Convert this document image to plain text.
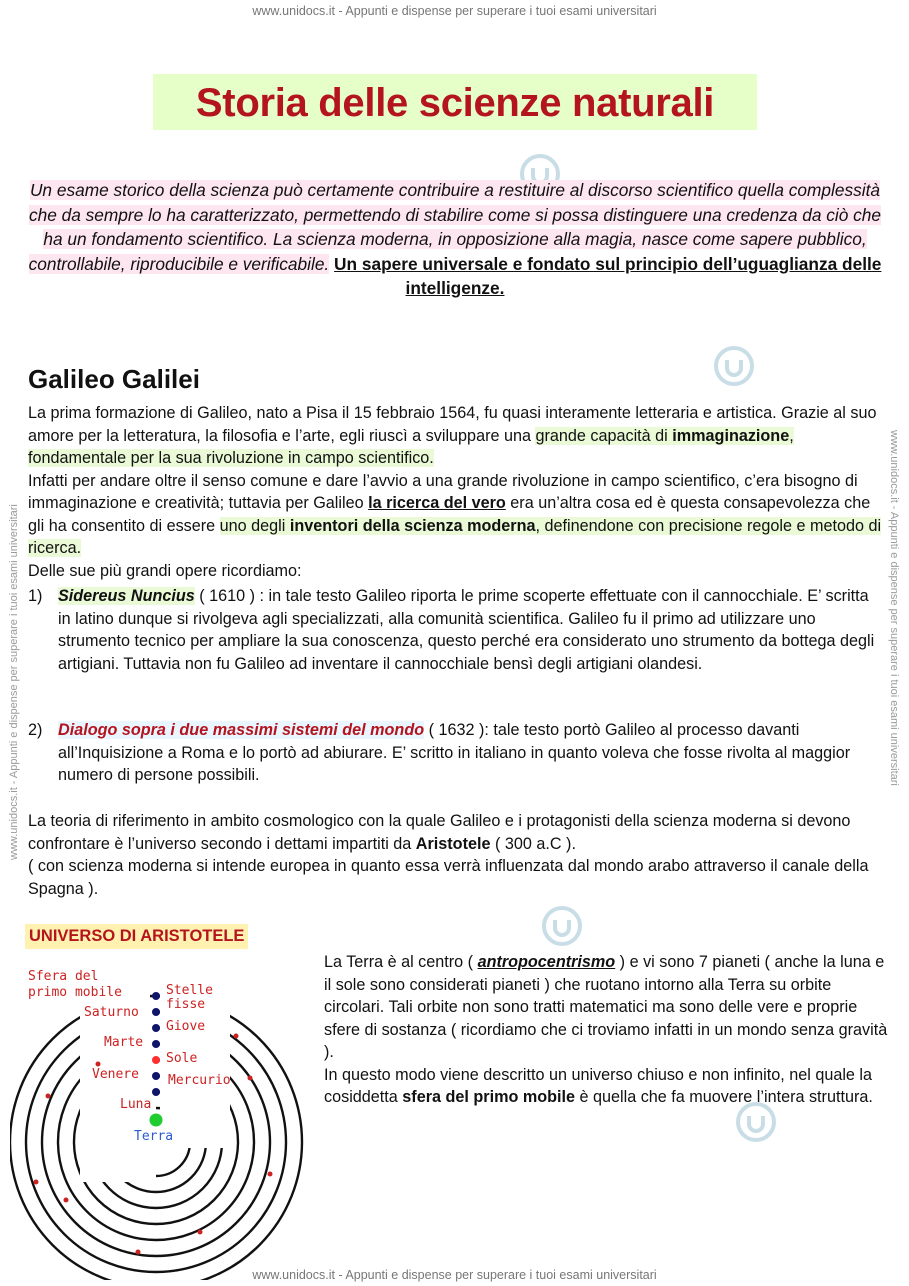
www.unidocs.it - Appunti e dispense per superare i tuoi esami universitari
www.unidocs.it - Appunti e dispense per superare i tuoi esami universitari
www.unidocs.it - Appunti e dispense per superare i tuoi esami universitari	www.unidocs.it - Appunti e dispense per superare i tuoi esami universitari
Storia delle scienze naturali
Un esame storico della scienza può certamente contribuire a restituire al discorso scientifico quella complessità che da sempre lo ha caratterizzato, permettendo di stabilire come si possa distinguere una credenza da ciò che ha un fondamento scientifico. La scienza moderna, in opposizione alla magia, nasce come sapere pubblico, controllabile, riproducibile e verificabile. Un sapere universale e fondato sul principio dell’uguaglianza delle intelligenze.
Galileo Galilei
La prima formazione di Galileo, nato a Pisa il 15 febbraio 1564, fu quasi interamente letteraria e artistica. Grazie al suo amore per la letteratura, la filosofia e l’arte, egli riuscì a sviluppare una grande capacità di immaginazione, fondamentale per la sua rivoluzione in campo scientifico.
Infatti per andare oltre il senso comune e dare l’avvio a una grande rivoluzione in campo scientifico, c’era bisogno di immaginazione e creatività; tuttavia per Galileo la ricerca del vero era un’altra cosa ed è questa consapevolezza che gli ha consentito di essere uno degli inventori della scienza moderna, definendone con precisione regole e metodo di ricerca.
Delle sue più grandi opere ricordiamo:
1) Sidereus Nuncius ( 1610 ) : in tale testo Galileo riporta le prime scoperte effettuate con il cannocchiale. E’ scritta in latino dunque si rivolgeva agli specializzati, alla comunità scientifica. Galileo fu il primo ad utilizzare uno strumento tecnico per ampliare la sua conoscenza, questo perché era considerato uno strumento da bottega degli artigiani. Tuttavia non fu Galileo ad inventare il cannocchiale bensì degli artigiani olandesi.
2) Dialogo sopra i due massimi sistemi del mondo ( 1632 ): tale testo portò Galileo al processo davanti all’Inquisizione a Roma e lo portò ad abiurare. E’ scritto in italiano in quanto voleva che fosse rivolta al maggior numero di persone possibili.
La teoria di riferimento in ambito cosmologico con la quale Galileo e i protagonisti della scienza moderna si devono confrontare è l’universo secondo i dettami impartiti da Aristotele ( 300 a.C ).
( con scienza moderna si intende europea in quanto essa verrà influenzata dal mondo arabo attraverso il canale della Spagna ).
UNIVERSO DI ARISTOTELE
La Terra è al centro ( antropocentrismo ) e vi sono 7 pianeti ( anche la luna e il sole sono considerati pianeti ) che ruotano intorno alla Terra su orbite circolari. Tali orbite non sono tratti matematici ma sono delle vere e proprie sfere di sostanza ( ricordiamo che ci troviamo infatti in un mondo senza gravità ).
In questo modo viene descritto un universo chiuso e non infinito, nel quale la cosiddetta sfera del primo mobile è quella che fa muovere l’intera struttura.
Sfera del
primo mobile	Stelle
fisse
Saturno
Giove
Marte
Sole
Venere Mercurio
Luna
Terra
